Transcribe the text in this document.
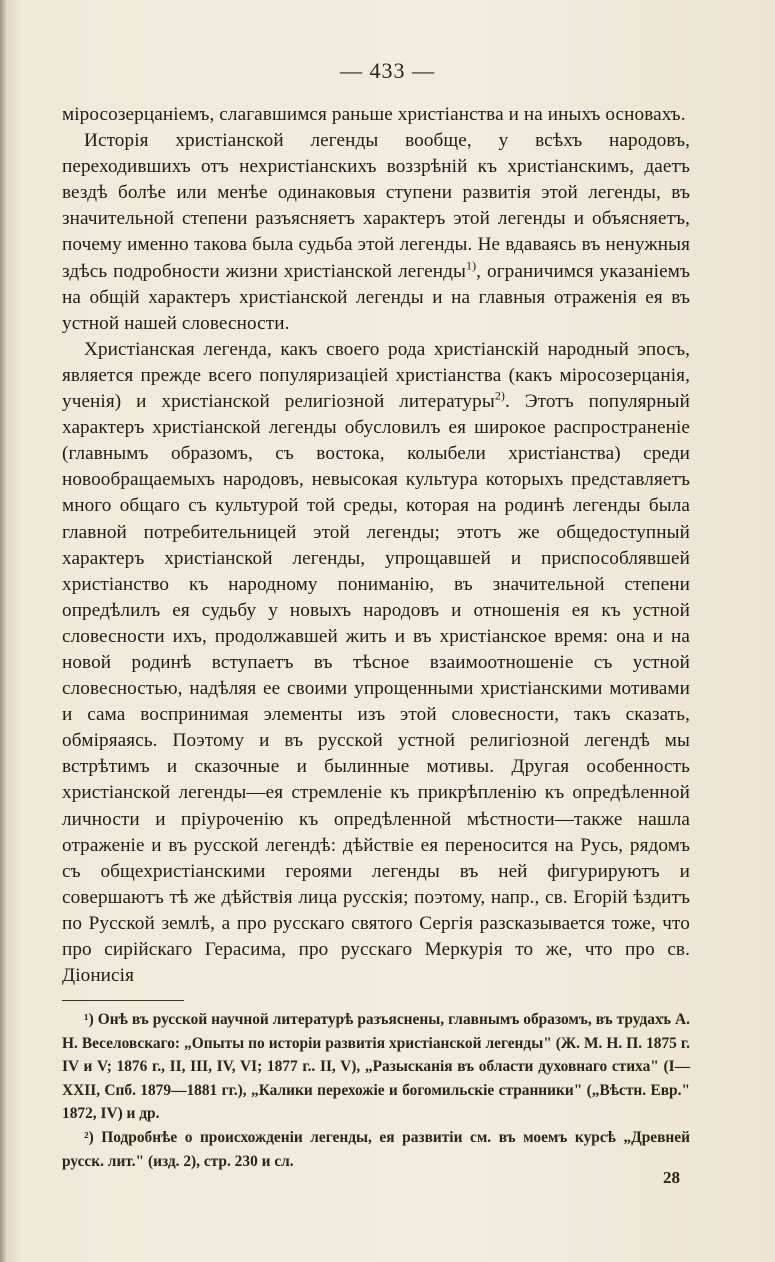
— 433 —

міросозерцаніемъ, слагавшимся раньше христіанства и на иныхъ основахъ.

Исторія христіанской легенды вообще, у всѣхъ народовъ, переходившихъ отъ нехристіанскихъ воззрѣній къ христіанскимъ, даетъ вездѣ болѣе или менѣе одинаковыя ступени развитія этой легенды, въ значительной степени разъясняетъ характеръ этой легенды и объясняетъ, почему именно такова была судьба этой легенды. Не вдаваясь въ ненужныя здѣсь подробности жизни христіанской легенды$^{1)}$, ограничимся указаніемъ на общій характеръ христіанской легенды и на главныя отраженія ея въ устной нашей словесности.

Христіанская легенда, какъ своего рода христіанскій народный эпосъ, является прежде всего популяризаціей христіанства (какъ міросозерцанія, ученія) и христіанской религіозной литературы$^{2)}$. Этотъ популярный характеръ христіанской легенды обусловилъ ея широкое распространеніе (главнымъ образомъ, съ востока, колыбели христіанства) среди новообращаемыхъ народовъ, невысокая культура которыхъ представляетъ много общаго съ культурой той среды, которая на родинѣ легенды была главной потребительницей этой легенды; этотъ же общедоступный характеръ христіанской легенды, упрощавшей и приспособлявшей христіанство къ народному пониманію, въ значительной степени опредѣлилъ ея судьбу у новыхъ народовъ и отношенія ея къ устной словесности ихъ, продолжавшей жить и въ христіанское время: она и на новой родинѣ вступаетъ въ тѣсное взаимоотношеніе съ устной словесностью, надѣляя ее своими упрощенными христіанскими мотивами и сама воспринимая элементы изъ этой словесности, такъ сказать, обміряаясь. Поэтому и въ русской устной религіозной легендѣ мы встрѣтимъ и сказочные и былинные мотивы. Другая особенность христіанской легенды—ея стремленіе къ прикрѣпленію къ опредѣленной личности и пріуроченію къ опредѣленной мѣстности—также нашла отраженіе и въ русской легендѣ: дѣйствіе ея переносится на Русь, рядомъ съ общехристіанскими героями легенды въ ней фигурируютъ и совершаютъ тѣ же дѣйствія лица русскія; поэтому, напр., св. Егорій ѣздитъ по Русской землѣ, а про русскаго святого Сергія разсказывается тоже, что про сирійскаго Герасима, про русскаго Меркурія то же, что про св. Діонисія

¹) Онѣ въ русской научной литературѣ разъяснены, главнымъ образомъ, въ трудахъ А. Н. Веселовскаго: „Опыты по исторіи развитія христіанской легенды" (Ж. М. Н. П. 1875 г. IV и V; 1876 г., II, III, IV, VI; 1877 г.. II, V), „Разысканія въ области духовнаго стиха" (I—XXII, Спб. 1879—1881 гг.), „Калики перехожіе и богомильскіе странники" („Вѣстн. Евр." 1872, IV) и др.

²) Подробнѣе о происхожденіи легенды, ея развитіи см. въ моемъ курсѣ „Древней русск. лит." (изд. 2), стр. 230 и сл.

28
